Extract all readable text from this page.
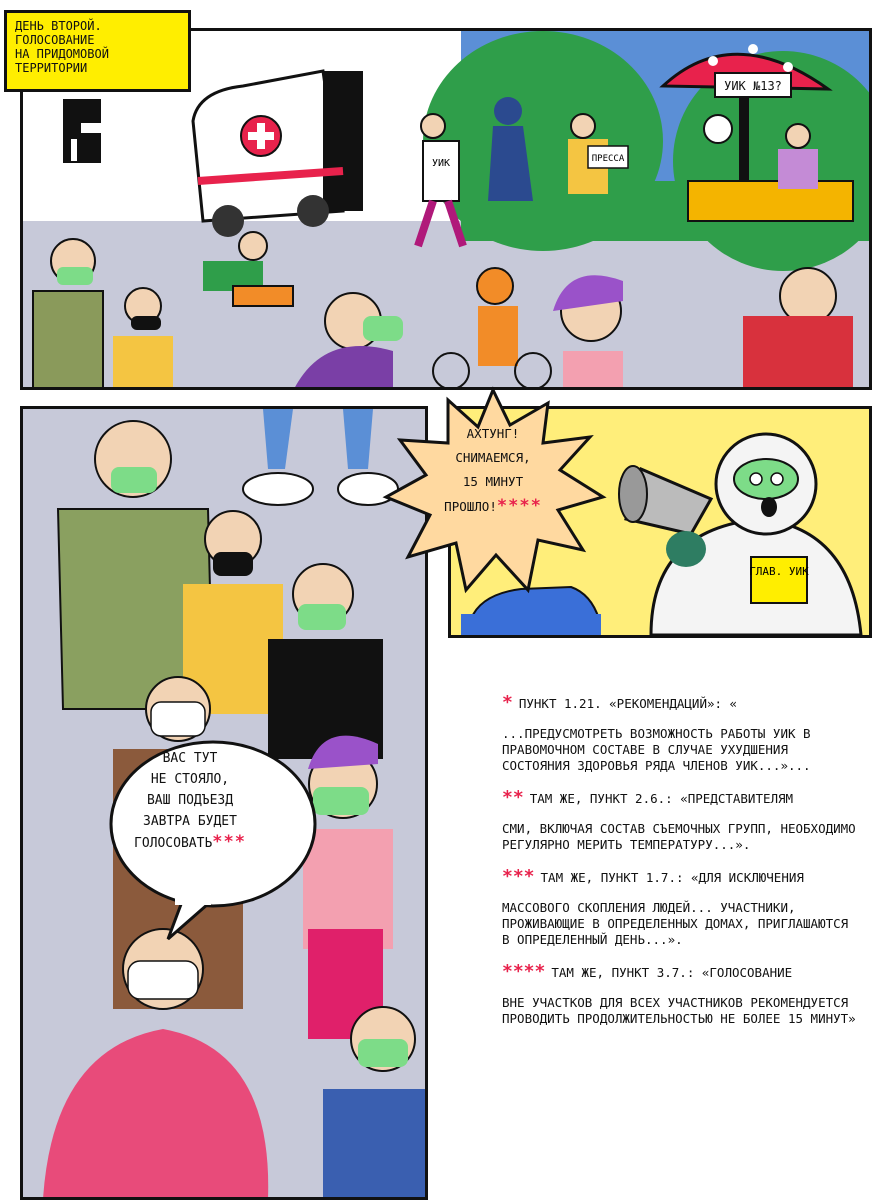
ДЕНЬ ВТОРОЙ.
ГОЛОСОВАНИЕ
НА ПРИДОМОВОЙ
ТЕРРИТОРИИ
УИК №13?
УИК	ПРЕССА
ВАС ТУТ
НЕ СТОЯЛО,
ВАШ ПОДЪЕЗД
ЗАВТРА БУДЕТ
ГОЛОСОВАТЬ***
ГЛАВ. УИК
АХТУНГ!
СНИМАЕМСЯ,
15 МИНУТ
ПРОШЛО!****
* ПУНКТ 1.21. «РЕКОМЕНДАЦИЙ»: «
...ПРЕДУСМОТРЕТЬ ВОЗМОЖНОСТЬ РАБОТЫ УИК В ПРАВОМОЧНОМ СОСТАВЕ В СЛУЧАЕ УХУДШЕНИЯ СОСТОЯНИЯ ЗДОРОВЬЯ РЯДА ЧЛЕНОВ УИК...»...
** ТАМ ЖЕ, ПУНКТ 2.6.: «ПРЕДСТАВИТЕЛЯМ
СМИ, ВКЛЮЧАЯ СОСТАВ СЪЕМОЧНЫХ ГРУПП, НЕОБХОДИМО РЕГУЛЯРНО МЕРИТЬ ТЕМПЕРАТУРУ...».
*** ТАМ ЖЕ, ПУНКТ 1.7.: «ДЛЯ ИСКЛЮЧЕНИЯ
МАССОВОГО СКОПЛЕНИЯ ЛЮДЕЙ... УЧАСТНИКИ, ПРОЖИВАЮЩИЕ В ОПРЕДЕЛЕННЫХ ДОМАХ, ПРИГЛАШАЮТСЯ В ОПРЕДЕЛЕННЫЙ ДЕНЬ...».
**** ТАМ ЖЕ, ПУНКТ 3.7.: «ГОЛОСОВАНИЕ
ВНЕ УЧАСТКОВ ДЛЯ ВСЕХ УЧАСТНИКОВ РЕКОМЕНДУЕТСЯ ПРОВОДИТЬ ПРОДОЛЖИТЕЛЬНОСТЬЮ НЕ БОЛЕЕ 15 МИНУТ»
